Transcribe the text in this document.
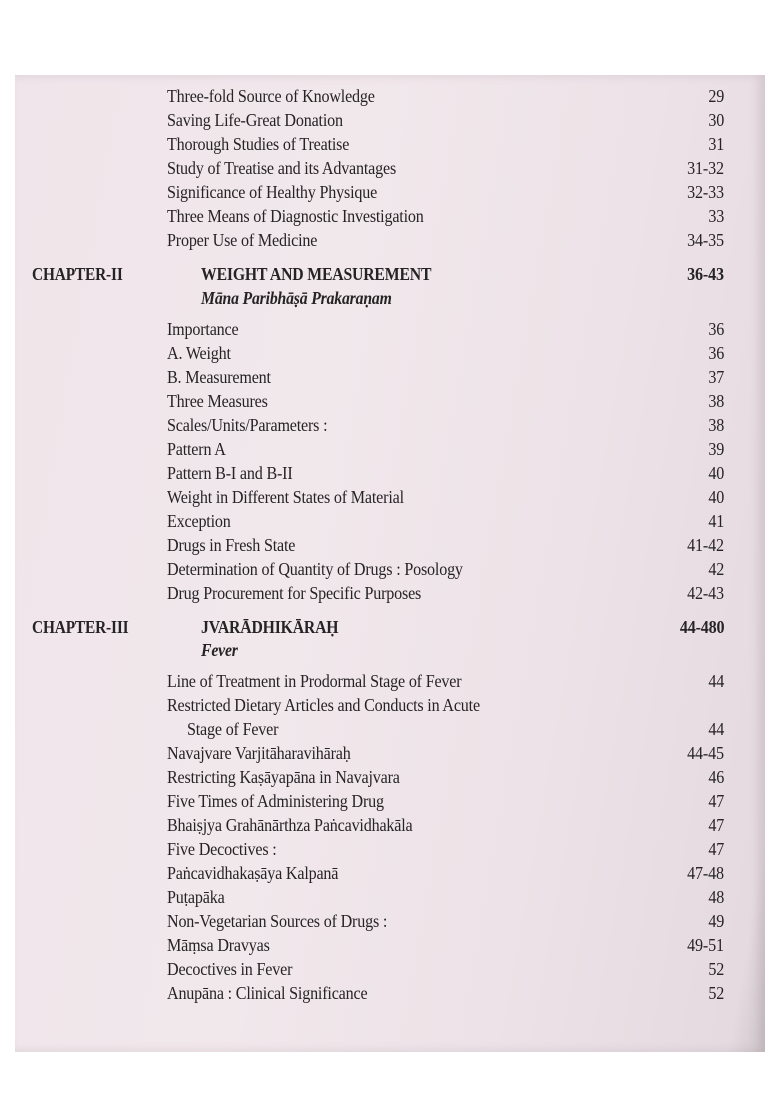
Three-fold Source of Knowledge	29
Saving Life-Great Donation	30
Thorough Studies of Treatise	31
Study of Treatise and its Advantages	31-32
Significance of Healthy Physique	32-33
Three Means of Diagnostic Investigation	33
Proper Use of Medicine	34-35
CHAPTER-II	WEIGHT AND MEASUREMENT	36-43
Māna Paribhāṣā Prakaraṇam
Importance	36
A. Weight	36
B. Measurement	37
Three Measures	38
Scales/Units/Parameters :	38
Pattern A	39
Pattern B-I and B-II	40
Weight in Different States of Material	40
Exception	41
Drugs in Fresh State	41-42
Determination of Quantity of Drugs : Posology	42
Drug Procurement for Specific Purposes	42-43
CHAPTER-III	JVARĀDHIKĀRAḤ	44-480
Fever
Line of Treatment in Prodormal Stage of Fever	44
Restricted Dietary Articles and Conducts in Acute
Stage of Fever	44
Navajvare Varjitāharavihāraḥ	44-45
Restricting Kaṣāyapāna in Navajvara	46
Five Times of Administering Drug	47
Bhaiṣjya Grahānārthza Paṅcavidhakāla	47
Five Decoctives :	47
Paṅcavidhakaṣāya Kalpanā	47-48
Puṭapāka	48
Non-Vegetarian Sources of Drugs :	49
Māṃsa Dravyas	49-51
Decoctives in Fever	52
Anupāna : Clinical Significance	52
